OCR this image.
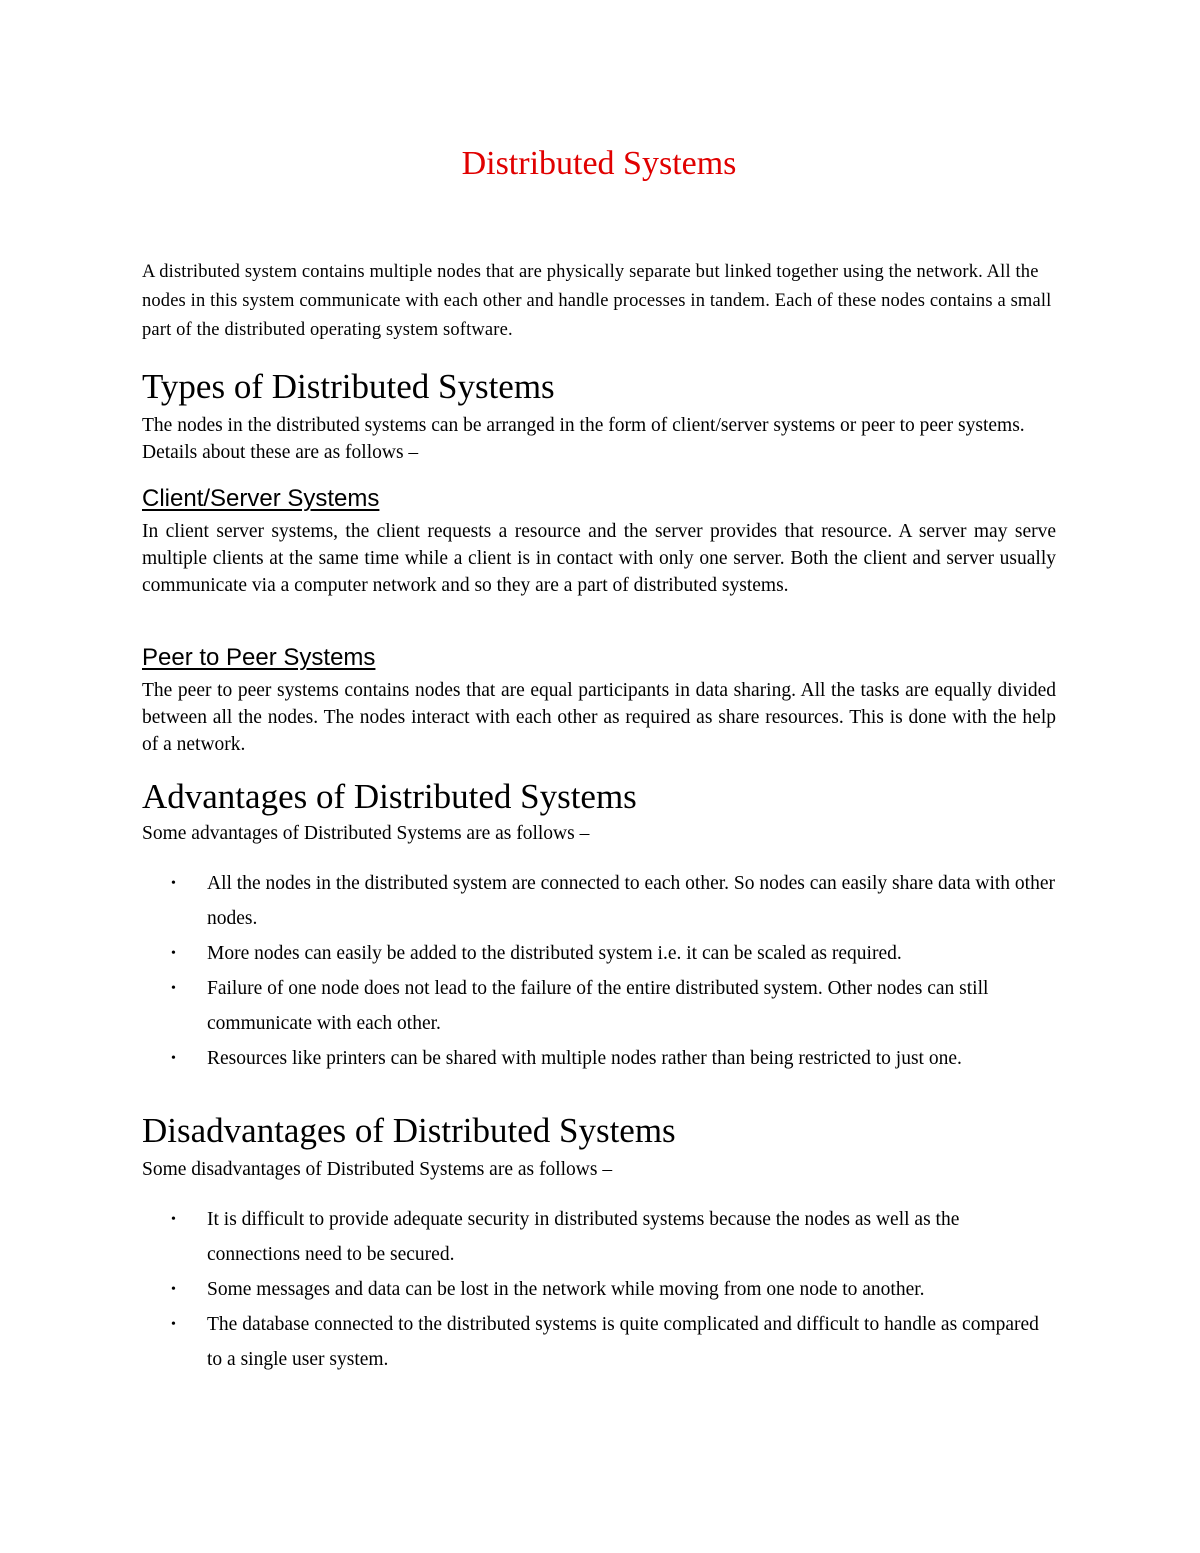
Distributed Systems

A distributed system contains multiple nodes that are physically separate but linked together using the network. All the nodes in this system communicate with each other and handle processes in tandem. Each of these nodes contains a small part of the distributed operating system software.

Types of Distributed Systems

The nodes in the distributed systems can be arranged in the form of client/server systems or peer to peer systems. Details about these are as follows –

Client/Server Systems

In client server systems, the client requests a resource and the server provides that resource. A server may serve multiple clients at the same time while a client is in contact with only one server. Both the client and server usually communicate via a computer network and so they are a part of distributed systems.

Peer to Peer Systems

The peer to peer systems contains nodes that are equal participants in data sharing. All the tasks are equally divided between all the nodes. The nodes interact with each other as required as share resources. This is done with the help of a network.

Advantages of Distributed Systems

Some advantages of Distributed Systems are as follows –

• All the nodes in the distributed system are connected to each other. So nodes can easily share data with other nodes.
• More nodes can easily be added to the distributed system i.e. it can be scaled as required.
• Failure of one node does not lead to the failure of the entire distributed system. Other nodes can still communicate with each other.
• Resources like printers can be shared with multiple nodes rather than being restricted to just one.
Disadvantages of Distributed Systems

Some disadvantages of Distributed Systems are as follows –

• It is difficult to provide adequate security in distributed systems because the nodes as well as the connections need to be secured.
• Some messages and data can be lost in the network while moving from one node to another.
• The database connected to the distributed systems is quite complicated and difficult to handle as compared to a single user system.
